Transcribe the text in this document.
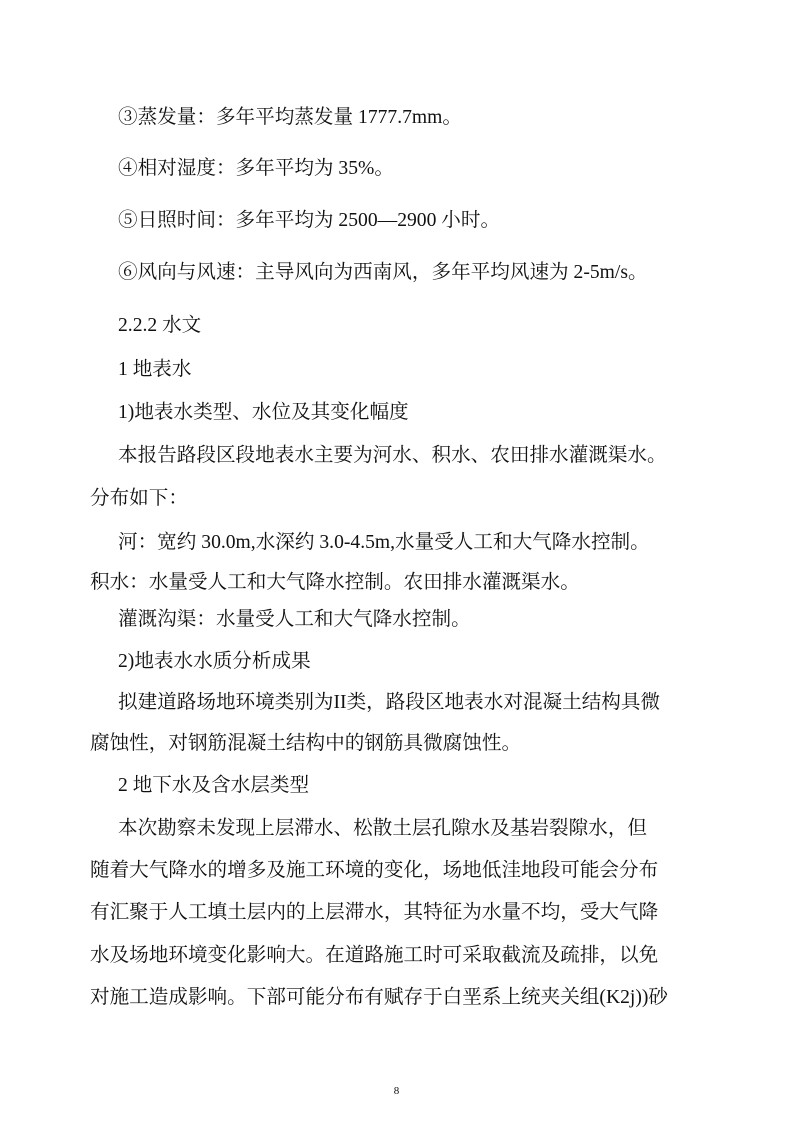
③蒸发量：多年平均蒸发量 1777.7mm。
④相对湿度：多年平均为 35%。
⑤日照时间：多年平均为 2500—2900 小时。
⑥风向与风速：主导风向为西南风，多年平均风速为 2-5m/s。
2.2.2 水文
1 地表水
1)地表水类型、水位及其变化幅度
本报告路段区段地表水主要为河水、积水、农田排水灌溉渠水。
分布如下：
河：宽约 30.0m,水深约 3.0-4.5m,水量受人工和大气降水控制。
积水：水量受人工和大气降水控制。农田排水灌溉渠水。
灌溉沟渠：水量受人工和大气降水控制。
2)地表水水质分析成果
拟建道路场地环境类别为II类，路段区地表水对混凝土结构具微
腐蚀性，对钢筋混凝土结构中的钢筋具微腐蚀性。
2 地下水及含水层类型
本次勘察未发现上层滞水、松散土层孔隙水及基岩裂隙水，但
随着大气降水的增多及施工环境的变化，场地低洼地段可能会分布
有汇聚于人工填土层内的上层滞水，其特征为水量不均，受大气降
水及场地环境变化影响大。在道路施工时可采取截流及疏排，以免
对施工造成影响。下部可能分布有赋存于白垩系上统夹关组(K2j))砂
8
